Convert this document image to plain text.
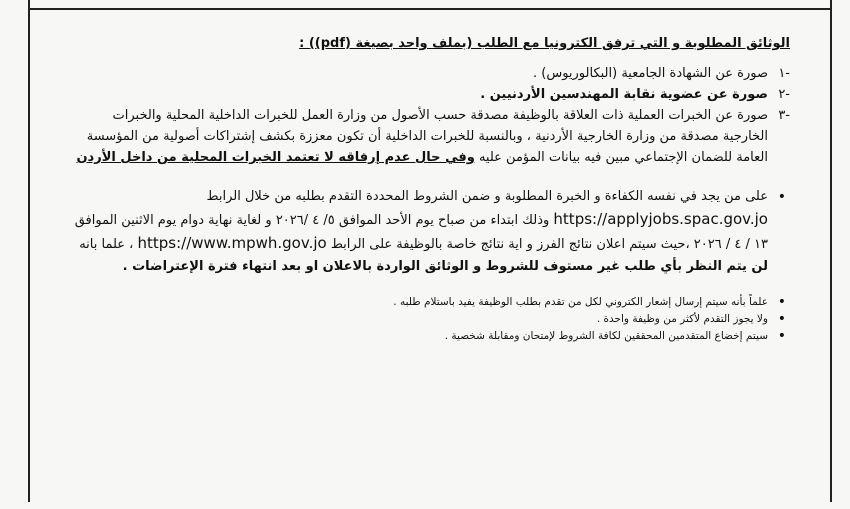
الوثائق المطلوبة و التي ترفق الكترونيا مع الطلب (بملف واحد بصيغة (pdf)) :
-١
صورة عن الشهادة الجامعية (البكالوريوس) .
-٢
صورة عن عضوية نقابة المهندسين الأردنيين .
-٣
صورة عن الخبرات العملية ذات العلاقة بالوظيفة مصدقة حسب الأصول من وزارة العمل للخبرات الداخلية المحلية والخبرات الخارجية مصدقة من وزارة الخارجية الأردنية ، وبالنسبة للخبرات الداخلية أن تكون معززة بكشف إشتراكات أصولية من المؤسسة العامة للضمان الإجتماعي مبين فيه بيانات المؤمن عليه وفي حال عدم إرفاقه لا تعتمد الخبرات المحلية من داخل الأردن
•
على من يجد في نفسه الكفاءة و الخبرة المطلوبة و ضمن الشروط المحددة التقدم بطلبه من خلال الرابط https://applyjobs.spac.gov.jo وذلك ابتداء من صباح يوم الأحد الموافق ٥/ ٤ /٢٠٢٦ و لغاية نهاية دوام يوم الاثنين الموافق ١٣ / ٤ / ٢٠٢٦ ،حيث سيتم اعلان نتائج الفرز و اية نتائج خاصة بالوظيفة على الرابط https://www.mpwh.gov.jo ، علما بانه لن يتم النظر بأي طلب غير مستوف للشروط و الوثائق الواردة بالاعلان او بعد انتهاء فترة الإعتراضات .
•
علماً بأنه سيتم إرسال إشعار الكتروني لكل من تقدم بطلب الوظيفة يفيد باستلام طلبه .
•
ولا يجوز التقدم لأكثر من وظيفة واحدة .
•
سيتم إخضاع المتقدمين المحققين لكافة الشروط لإمتحان ومقابلة شخصية .
